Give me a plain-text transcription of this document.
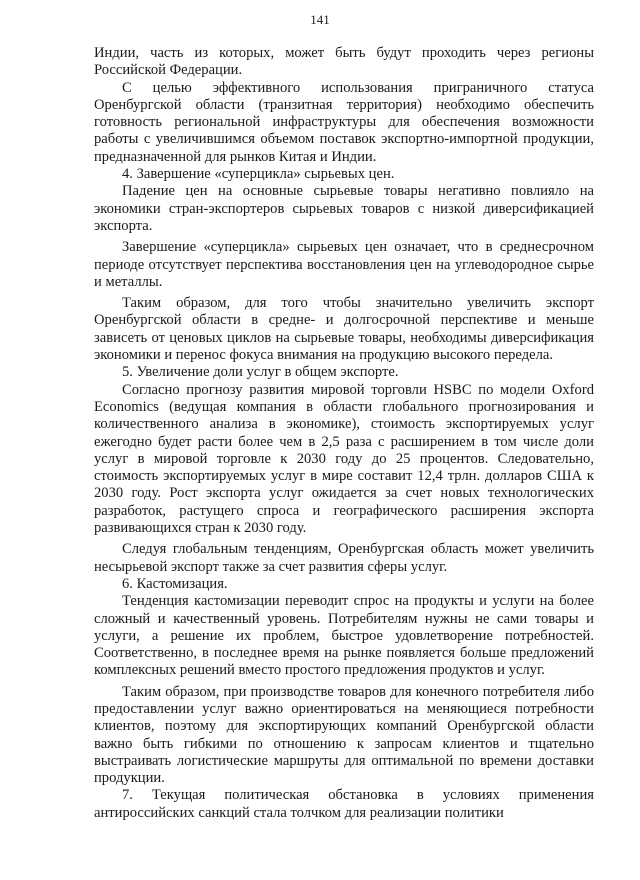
141

Индии, часть из которых, может быть будут проходить через регионы Российской Федерации.

С целью эффективного использования приграничного статуса Оренбургской области (транзитная территория) необходимо обеспечить готовность региональной инфраструктуры для обеспечения возможности работы с увеличившимся объемом поставок экспортно-импортной продукции, предназначенной для рынков Китая и Индии.

4. Завершение «суперцикла» сырьевых цен.

Падение цен на основные сырьевые товары негативно повлияло на экономики стран-экспортеров сырьевых товаров с низкой диверсификацией экспорта.

Завершение «суперцикла» сырьевых цен означает, что в среднесрочном периоде отсутствует перспектива восстановления цен на углеводородное сырье и металлы.

Таким образом, для того чтобы значительно увеличить экспорт Оренбургской области в средне- и долгосрочной перспективе и меньше зависеть от ценовых циклов на сырьевые товары, необходимы диверсификация экономики и перенос фокуса внимания на продукцию высокого передела.

5. Увеличение доли услуг в общем экспорте.

Согласно прогнозу развития мировой торговли HSBC по модели Oxford Economics (ведущая компания в области глобального прогнозирования и количественного анализа в экономике), стоимость экспортируемых услуг ежегодно будет расти более чем в 2,5 раза с расширением в том числе доли услуг в мировой торговле к 2030 году до 25 процентов. Следовательно, стоимость экспортируемых услуг в мире составит 12,4 трлн. долларов США к 2030 году. Рост экспорта услуг ожидается за счет новых технологических разработок, растущего спроса и географического расширения экспорта развивающихся стран к 2030 году.

Следуя глобальным тенденциям, Оренбургская область может увеличить несырьевой экспорт также за счет развития сферы услуг.

6. Кастомизация.

Тенденция кастомизации переводит спрос на продукты и услуги на более сложный и качественный уровень. Потребителям нужны не сами товары и услуги, а решение их проблем, быстрое удовлетворение потребностей. Соответственно, в последнее время на рынке появляется больше предложений комплексных решений вместо простого предложения продуктов и услуг.

Таким образом, при производстве товаров для конечного потребителя либо предоставлении услуг важно ориентироваться на меняющиеся потребности клиентов, поэтому для экспортирующих компаний Оренбургской области важно быть гибкими по отношению к запросам клиентов и тщательно выстраивать логистические маршруты для оптимальной по времени доставки продукции.

7. Текущая политическая обстановка в условиях применения антироссийских санкций стала толчком для реализации политики
